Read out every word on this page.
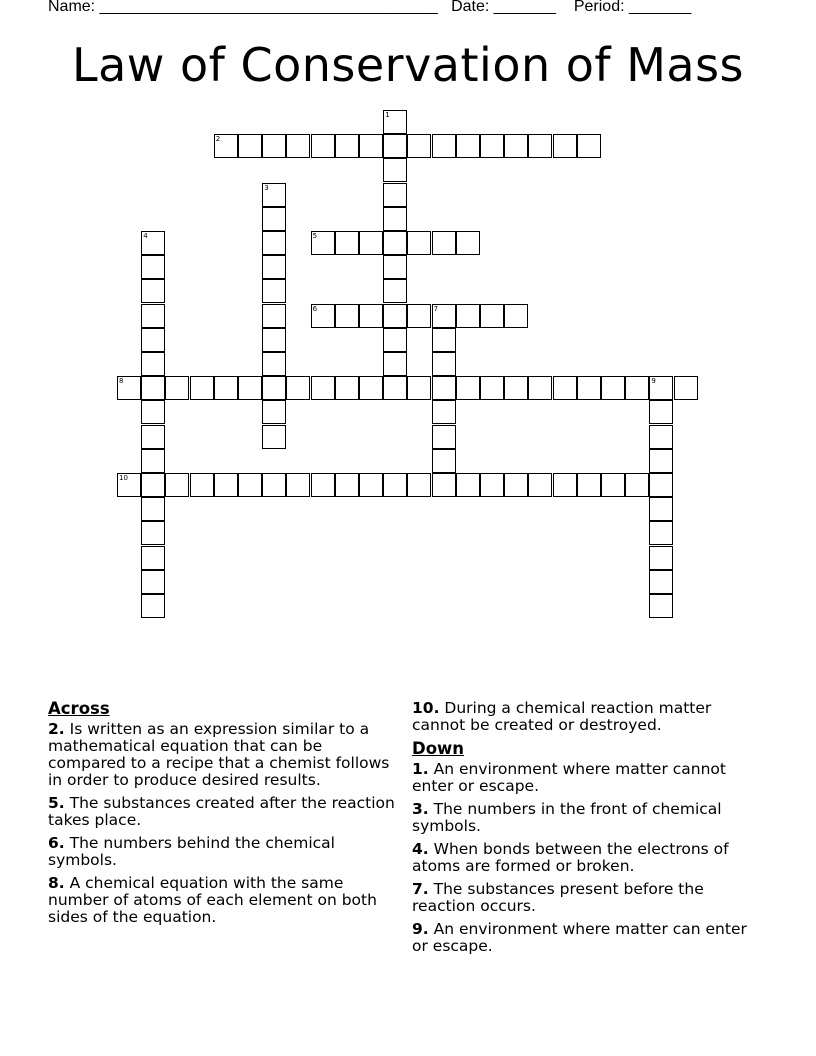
Name: ______________________________________ Date: _______ Period: _______
Law of Conservation of Mass
1
2
3
4	5
6	7
8	9
10
Across
2. Is written as an expression similar to a mathematical equation that can be compared to a recipe that a chemist follows in order to produce desired results.
5. The substances created after the reaction takes place.
6. The numbers behind the chemical symbols.
8. A chemical equation with the same number of atoms of each element on both sides of the equation.
10. During a chemical reaction matter cannot be created or destroyed.
Down
1. An environment where matter cannot enter or escape.
3. The numbers in the front of chemical symbols.
4. When bonds between the electrons of atoms are formed or broken.
7. The substances present before the reaction occurs.
9. An environment where matter can enter or escape.
